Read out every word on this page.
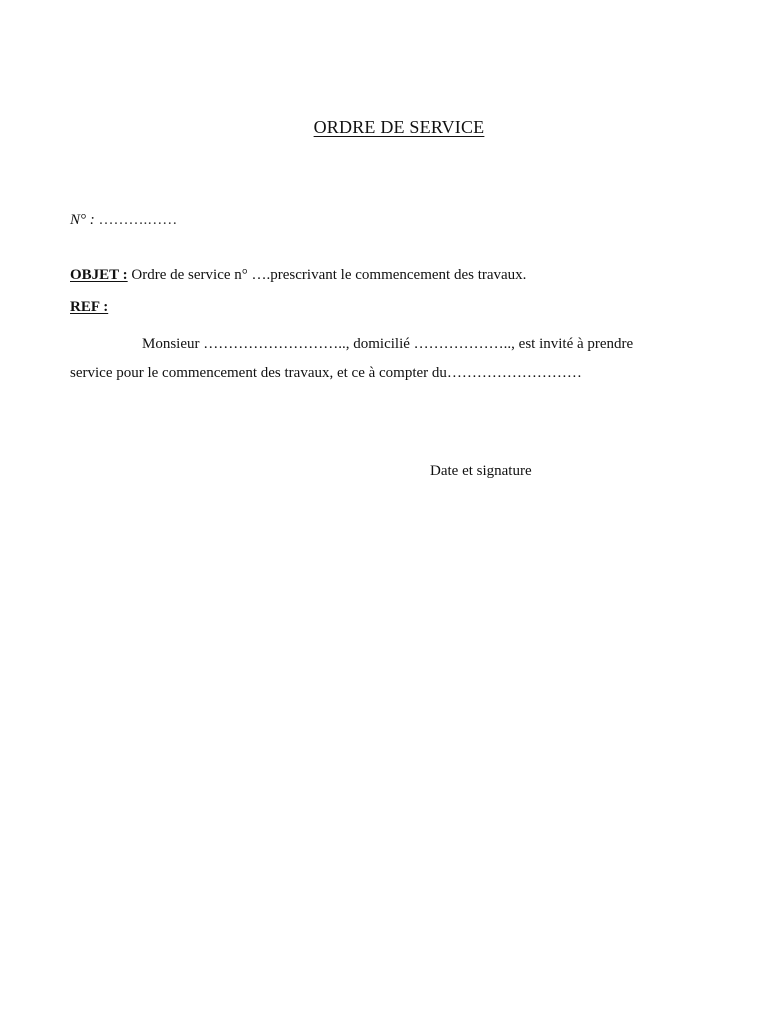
ORDRE DE SERVICE
N° : ……….……
OBJET : Ordre de service n° ….prescrivant le commencement des travaux.
REF :
Monsieur ……………………….., domicilié ……………….., est invité à prendre
service pour le commencement des travaux, et ce à compter du………………………
Date et signature
